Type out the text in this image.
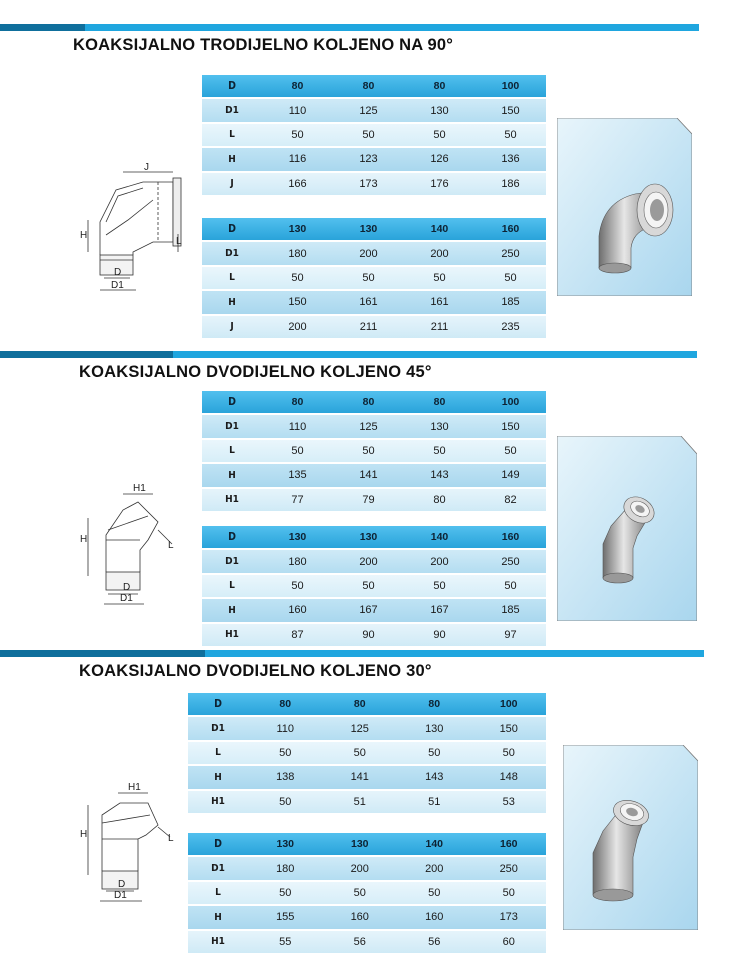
KOAKSIJALNO TRODIJELNO KOLJENO NA 90°
D	80	80	80	100
D1	110	125	130	150
L	50	50	50	50
H	116	123	126	136
J	166	173	176	186
D	130	130	140	160
D1	180	200	200	250
L	50	50	50	50
H	150	161	161	185
J	200	211	211	235
H
J
L
D
D1
KOAKSIJALNO DVODIJELNO KOLJENO 45°
D	80	80	80	100
D1	110	125	130	150
L	50	50	50	50
H	135	141	143	149
H1	77	79	80	82
D	130	130	140	160
D1	180	200	200	250
L	50	50	50	50
H	160	167	167	185
H1	87	90	90	97
H
H1
L
D
D1
KOAKSIJALNO DVODIJELNO KOLJENO 30°
D	80	80	80	100
D1	110	125	130	150
L	50	50	50	50
H	138	141	143	148
H1	50	51	51	53
D	130	130	140	160
D1	180	200	200	250
L	50	50	50	50
H	155	160	160	173
H1	55	56	56	60
H
H1
L
D
D1
